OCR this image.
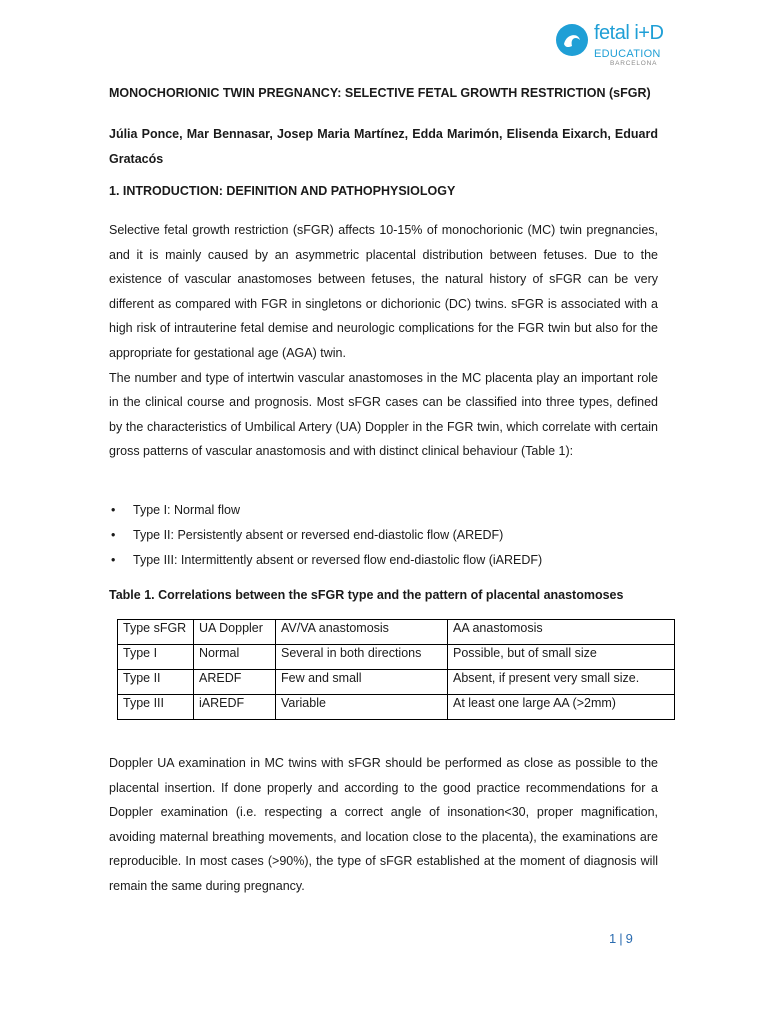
fetal i+D
EDUCATION
BARCELONA
MONOCHORIONIC TWIN PREGNANCY: SELECTIVE FETAL GROWTH RESTRICTION (sFGR)
Júlia Ponce, Mar Bennasar, Josep Maria Martínez, Edda Marimón, Elisenda Eixarch, Eduard Gratacós
1. INTRODUCTION: DEFINITION AND PATHOPHYSIOLOGY

Selective fetal growth restriction (sFGR) affects 10-15% of monochorionic (MC) twin pregnancies, and it is mainly caused by an asymmetric placental distribution between fetuses. Due to the existence of vascular anastomoses between fetuses, the natural history of sFGR can be very different as compared with FGR in singletons or dichorionic (DC) twins. sFGR is associated with a high risk of intrauterine fetal demise and neurologic complications for the FGR twin but also for the appropriate for gestational age (AGA) twin.

The number and type of intertwin vascular anastomoses in the MC placenta play an important role in the clinical course and prognosis. Most sFGR cases can be classified into three types, defined by the characteristics of Umbilical Artery (UA) Doppler in the FGR twin, which correlate with certain gross patterns of vascular anastomosis and with distinct clinical behaviour (Table 1):

• Type I: Normal flow
• Type II: Persistently absent or reversed end-diastolic flow (AREDF)
• Type III: Intermittently absent or reversed flow end-diastolic flow (iAREDF)
Table 1. Correlations between the sFGR type and the pattern of placental anastomoses
Type sFGR	UA Doppler	AV/VA anastomosis	AA anastomosis
Type I	Normal	Several in both directions	Possible, but of small size
Type II	AREDF	Few and small	Absent, if present very small size.
Type III	iAREDF	Variable	At least one large AA (>2mm)
Doppler UA examination in MC twins with sFGR should be performed as close as possible to the placental insertion. If done properly and according to the good practice recommendations for a Doppler examination (i.e. respecting a correct angle of insonation<30, proper magnification, avoiding maternal breathing movements, and location close to the placenta), the examinations are reproducible. In most cases (>90%), the type of sFGR established at the moment of diagnosis will remain the same during pregnancy.
1 | 9
